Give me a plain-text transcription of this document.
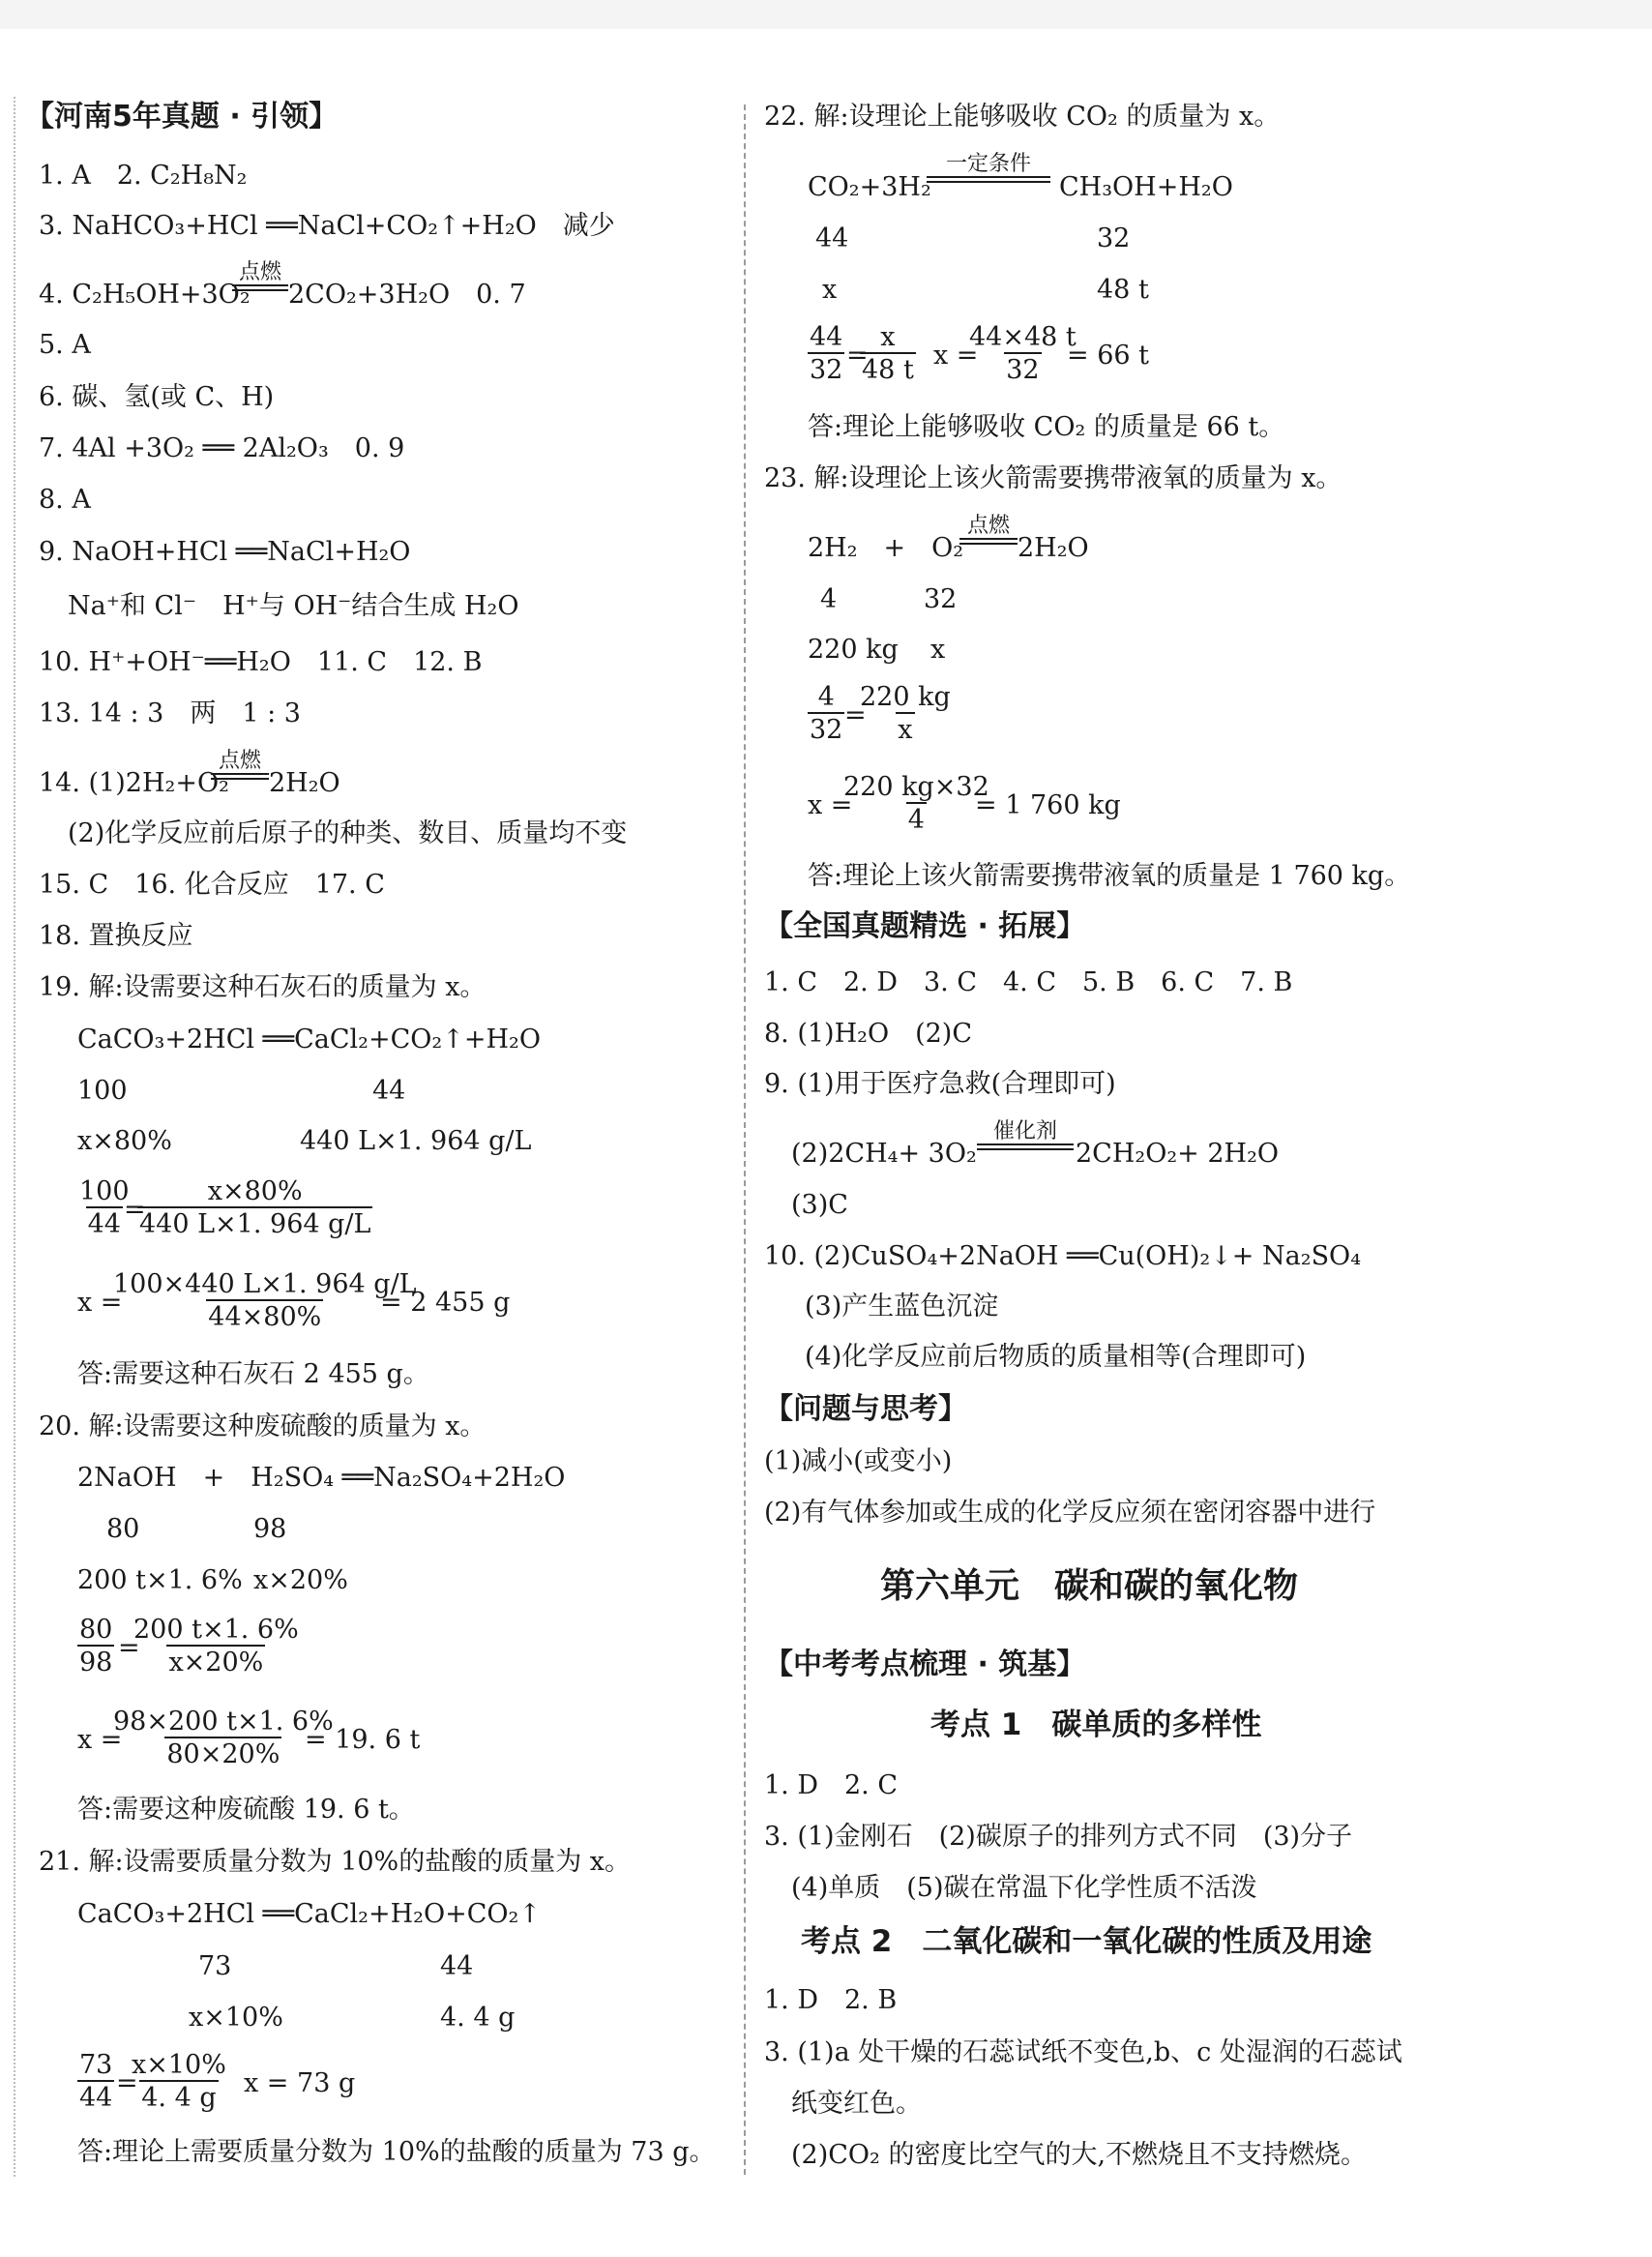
【河南5年真题 · 引领】
1. A　2. C₂H₈N₂
3. NaHCO₃+HCl ══NaCl+CO₂↑+H₂O　减少
4. C₂H₅OH+3O₂
点燃
2CO₂+3H₂O　0. 7
5. A
6. 碳、氢(或 C、H)
7. 4Al +3O₂ ══ 2Al₂O₃　0. 9
8. A
9. NaOH+HCl ══NaCl+H₂O
Na⁺和 Cl⁻　H⁺与 OH⁻结合生成 H₂O
10. H⁺+OH⁻══H₂O　11. C　12. B
13. 14 : 3　两　1 : 3
14. (1)2H₂+O₂
点燃
2H₂O
(2)化学反应前后原子的种类、数目、质量均不变
15. C　16. 化合反应　17. C
18. 置换反应
19. 解:设需要这种石灰石的质量为 x。
CaCO₃+2HCl ══CaCl₂+CO₂↑+H₂O
100	44
x×80%	440 L×1. 964 g/L
$\frac{100}{44}$
=
$\frac{x\times 80\%}{440 L\times 1. 964 g/L}$
x =
$\frac{100\times 440 L\times 1. 964 g/L}{44\times 80\%}$
= 2 455 g
答:需要这种石灰石 2 455 g。
20. 解:设需要这种废硫酸的质量为 x。
2NaOH　+　H₂SO₄ ══Na₂SO₄+2H₂O
80	98
200 t×1. 6% x×20%
$\frac{80}{98}$ =
$\frac{200 t\times 1. 6\%}{x\times 20\%}$
x =
$\frac{98\times 200 t\times 1. 6\%}{80\times 20\%}$
= 19. 6 t
答:需要这种废硫酸 19. 6 t。
21. 解:设需要质量分数为 10%的盐酸的质量为 x。
CaCO₃+2HCl ══CaCl₂+H₂O+CO₂↑
73	44
x×10%	4. 4 g
$\frac{73}{44}$ =
$\frac{x\times 10\%}{4. 4 g}$ x = 73 g
答:理论上需要质量分数为 10%的盐酸的质量为 73 g。
22. 解:设理论上能够吸收 CO₂ 的质量为 x。
CO₂+3H₂
一定条件
CH₃OH+H₂O
44	32
x	48 t
$\frac{44}{32}$ =
$\frac{x}{48 t}$ x =
$\frac{44\times 48 t}{32}$
= 66 t
答:理论上能够吸收 CO₂ 的质量是 66 t。
23. 解:设理论上该火箭需要携带液氧的质量为 x。
2H₂　+　O₂
点燃
2H₂O
4	32
220 kg x
$\frac{4}{32}$ =
$\frac{220 kg}{x}$
x =
$\frac{220 kg\times 32}{4}$
= 1 760 kg
答:理论上该火箭需要携带液氧的质量是 1 760 kg。
【全国真题精选 · 拓展】
1. C　2. D　3. C　4. C　5. B　6. C　7. B
8. (1)H₂O　(2)C
9. (1)用于医疗急救(合理即可)
(2)2CH₄+ 3O₂
催化剂
2CH₂O₂+ 2H₂O
(3)C
10. (2)CuSO₄+2NaOH ══Cu(OH)₂↓+ Na₂SO₄
(3)产生蓝色沉淀
(4)化学反应前后物质的质量相等(合理即可)
【问题与思考】
(1)减小(或变小)
(2)有气体参加或生成的化学反应须在密闭容器中进行
第六单元　碳和碳的氧化物
【中考考点梳理 · 筑基】
考点 1　碳单质的多样性
1. D　2. C
3. (1)金刚石　(2)碳原子的排列方式不同　(3)分子
(4)单质　(5)碳在常温下化学性质不活泼
考点 2　二氧化碳和一氧化碳的性质及用途
1. D　2. B
3. (1)a 处干燥的石蕊试纸不变色,b、c 处湿润的石蕊试
纸变红色。
(2)CO₂ 的密度比空气的大,不燃烧且不支持燃烧。
